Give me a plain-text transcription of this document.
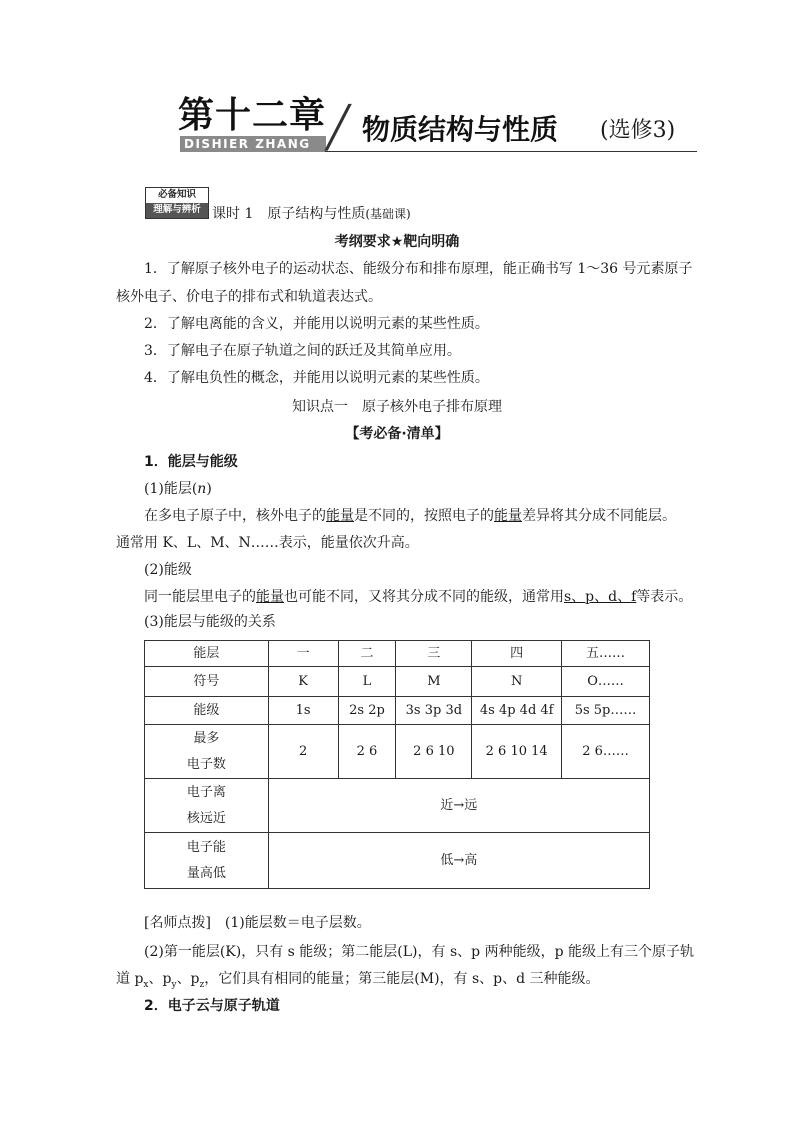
第十二章
DISHIER ZHANG ╱ 物质结构与性质 (选修3)
必备知识
理解与辨析 课时 1　原子结构与性质(基础课)
考纲要求★靶向明确
1．了解原子核外电子的运动状态、能级分布和排布原理，能正确书写 1～36 号元素原子
核外电子、价电子的排布式和轨道表达式。
2．了解电离能的含义，并能用以说明元素的某些性质。
3．了解电子在原子轨道之间的跃迁及其简单应用。
4．了解电负性的概念，并能用以说明元素的某些性质。
知识点一　原子核外电子排布原理
【考必备·清单】
1．能层与能级
(1)能层(n)
在多电子原子中，核外电子的能量是不同的，按照电子的能量差异将其分成不同能层。
通常用 K、L、M、N……表示，能量依次升高。
(2)能级
同一能层里电子的能量也可能不同，又将其分成不同的能级，通常用s、p、d、f等表示。
(3)能层与能级的关系
能层	一	二	三	四	五……
符号	K	L	M	N	O……
能级	1s	2s 2p	3s 3p 3d	4s 4p 4d 4f	5s 5p……
最多
电子数	2	2 6	2 6 10	2 6 10 14	2 6……
电子离
核远近	近→远				
电子能
量高低	低→高				
[名师点拨]　(1)能层数＝电子层数。
(2)第一能层(K)，只有 s 能级；第二能层(L)，有 s、p 两种能级，p 能级上有三个原子轨
道 $p_x$、$p_y$、$p_z$，它们具有相同的能量；第三能层(M)，有 s、p、d 三种能级。
2．电子云与原子轨道
